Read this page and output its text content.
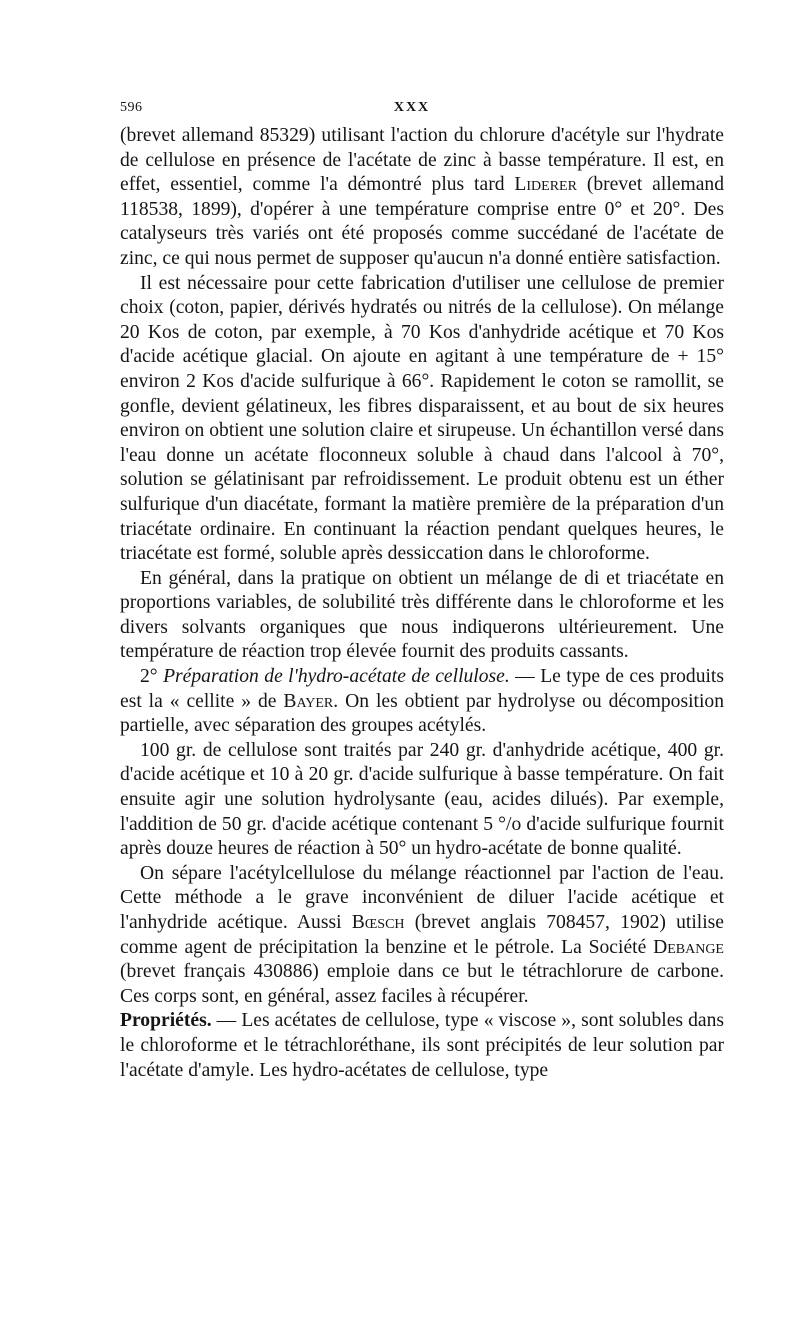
596	XXX

(brevet allemand 85329) utilisant l'action du chlorure d'acétyle sur l'hydrate de cellulose en présence de l'acétate de zinc à basse température. Il est, en effet, essentiel, comme l'a démontré plus tard Liderer (brevet allemand 118538, 1899), d'opérer à une température comprise entre 0° et 20°. Des catalyseurs très variés ont été proposés comme succédané de l'acétate de zinc, ce qui nous permet de supposer qu'aucun n'a donné entière satisfaction.

Il est nécessaire pour cette fabrication d'utiliser une cellulose de premier choix (coton, papier, dérivés hydratés ou nitrés de la cellulose). On mélange 20 Kos de coton, par exemple, à 70 Kos d'anhydride acétique et 70 Kos d'acide acétique glacial. On ajoute en agitant à une température de + 15° environ 2 Kos d'acide sulfurique à 66°. Rapidement le coton se ramollit, se gonfle, devient gélatineux, les fibres disparaissent, et au bout de six heures environ on obtient une solution claire et sirupeuse. Un échantillon versé dans l'eau donne un acétate floconneux soluble à chaud dans l'alcool à 70°, solution se gélatinisant par refroidissement. Le produit obtenu est un éther sulfurique d'un diacétate, formant la matière première de la préparation d'un triacétate ordinaire. En continuant la réaction pendant quelques heures, le triacétate est formé, soluble après dessiccation dans le chloroforme.

En général, dans la pratique on obtient un mélange de di et triacétate en proportions variables, de solubilité très différente dans le chloroforme et les divers solvants organiques que nous indiquerons ultérieurement. Une température de réaction trop élevée fournit des produits cassants.

2° Préparation de l'hydro-acétate de cellulose. — Le type de ces produits est la « cellite » de Bayer. On les obtient par hydrolyse ou décomposition partielle, avec séparation des groupes acétylés.

100 gr. de cellulose sont traités par 240 gr. d'anhydride acétique, 400 gr. d'acide acétique et 10 à 20 gr. d'acide sulfurique à basse température. On fait ensuite agir une solution hydrolysante (eau, acides dilués). Par exemple, l'addition de 50 gr. d'acide acétique contenant 5 °/o d'acide sulfurique fournit après douze heures de réaction à 50° un hydro-acétate de bonne qualité.

On sépare l'acétylcellulose du mélange réactionnel par l'action de l'eau. Cette méthode a le grave inconvénient de diluer l'acide acétique et l'anhydride acétique. Aussi Bœsch (brevet anglais 708457, 1902) utilise comme agent de précipitation la benzine et le pétrole. La Société Debange (brevet français 430886) emploie dans ce but le tétrachlorure de carbone. Ces corps sont, en général, assez faciles à récupérer.

Propriétés. — Les acétates de cellulose, type « viscose », sont solubles dans le chloroforme et le tétrachloréthane, ils sont précipités de leur solution par l'acétate d'amyle. Les hydro-acétates de cellulose, type
